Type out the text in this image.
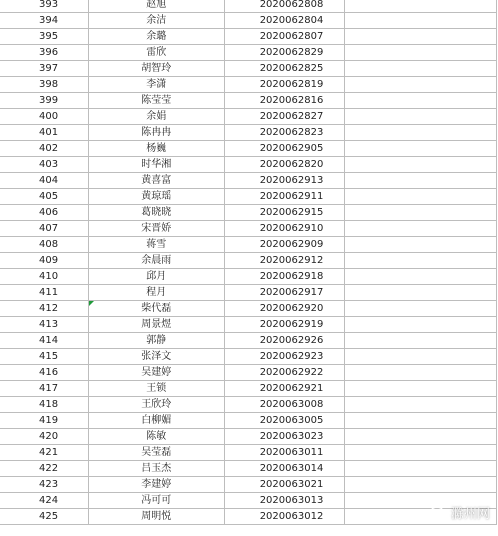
393	赵旭	2020062808	
394	余洁	2020062804	
395	余璐	2020062807	
396	雷欣	2020062829	
397	胡智玲	2020062825	
398	李潇	2020062819	
399	陈莹莹	2020062816	
400	余娟	2020062827	
401	陈冉冉	2020062823	
402	杨巍	2020062905	
403	时华湘	2020062820	
404	黄喜富	2020062913	
405	黄琼瑶	2020062911	
406	葛晓晓	2020062915	
407	宋晋娇	2020062910	
408	蒋雪	2020062909	
409	余晨雨	2020062912	
410	邱月	2020062918	
411	程月	2020062917	
412	柴代磊	2020062920	
413	周景煜	2020062919	
414	郭静	2020062926	
415	张泽文	2020062923	
416	吴建婷	2020062922	
417	王锁	2020062921	
418	王欣玲	2020063008	
419	白柳媚	2020063005	
420	陈敏	2020063023	
421	吴莹磊	2020063011	
422	吕玉杰	2020063014	
423	李建婷	2020063021	
424	冯可可	2020063013	
425	周明悦	2020063012		滁州网
